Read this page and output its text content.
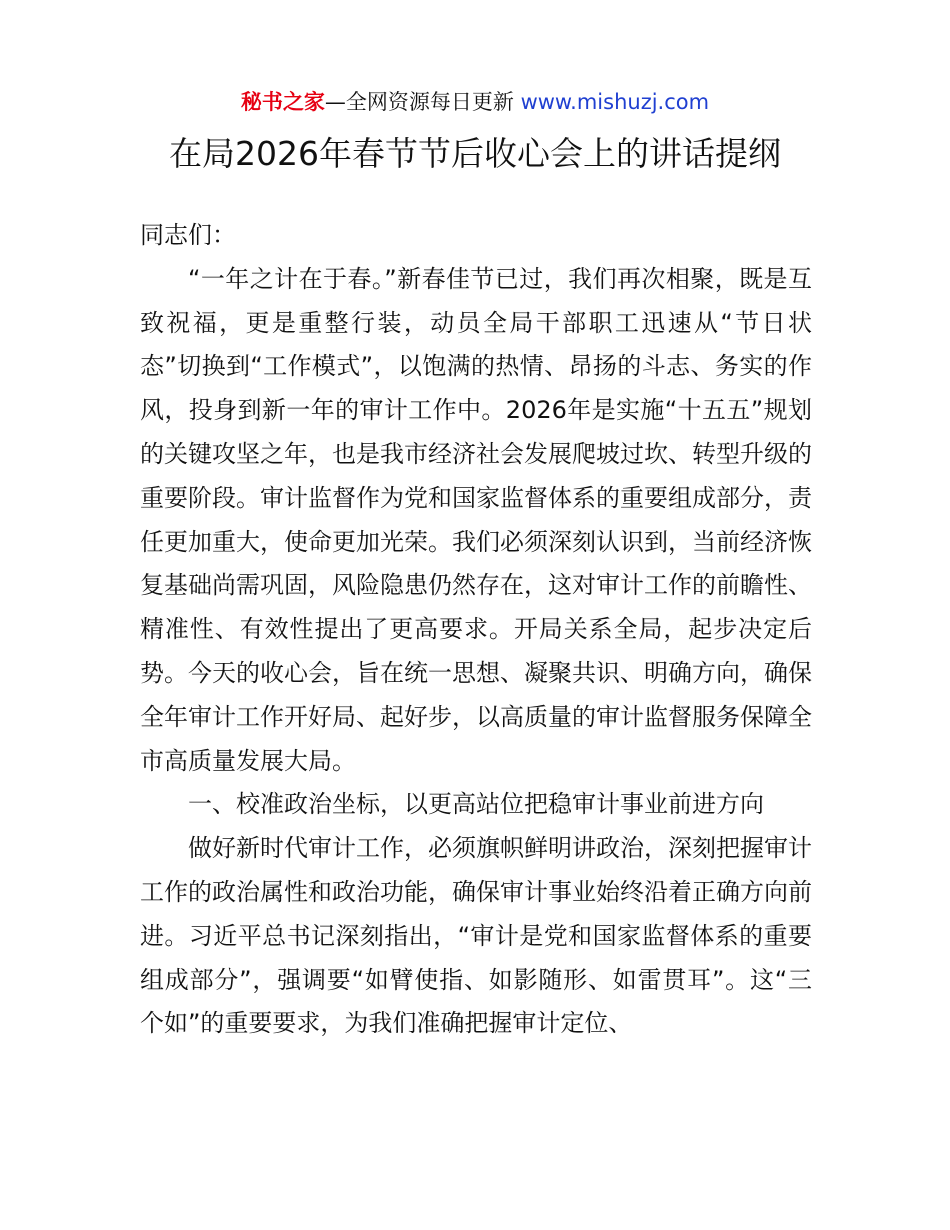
秘书之家—全网资源每日更新 www.mishuzj.com
在局2026年春节节后收心会上的讲话提纲

同志们：

“一年之计在于春。”新春佳节已过，我们再次相聚，既是互致祝福，更是重整行装，动员全局干部职工迅速从“节日状态”切换到“工作模式”，以饱满的热情、昂扬的斗志、务实的作风，投身到新一年的审计工作中。2026年是实施“十五五”规划的关键攻坚之年，也是我市经济社会发展爬坡过坎、转型升级的重要阶段。审计监督作为党和国家监督体系的重要组成部分，责任更加重大，使命更加光荣。我们必须深刻认识到，当前经济恢复基础尚需巩固，风险隐患仍然存在，这对审计工作的前瞻性、精准性、有效性提出了更高要求。开局关系全局，起步决定后势。今天的收心会，旨在统一思想、凝聚共识、明确方向，确保全年审计工作开好局、起好步，以高质量的审计监督服务保障全市高质量发展大局。

一、校准政治坐标，以更高站位把稳审计事业前进方向

做好新时代审计工作，必须旗帜鲜明讲政治，深刻把握审计工作的政治属性和政治功能，确保审计事业始终沿着正确方向前进。习近平总书记深刻指出，“审计是党和国家监督体系的重要组成部分”，强调要“如臂使指、如影随形、如雷贯耳”。这“三个如”的重要要求，为我们准确把握审计定位、
